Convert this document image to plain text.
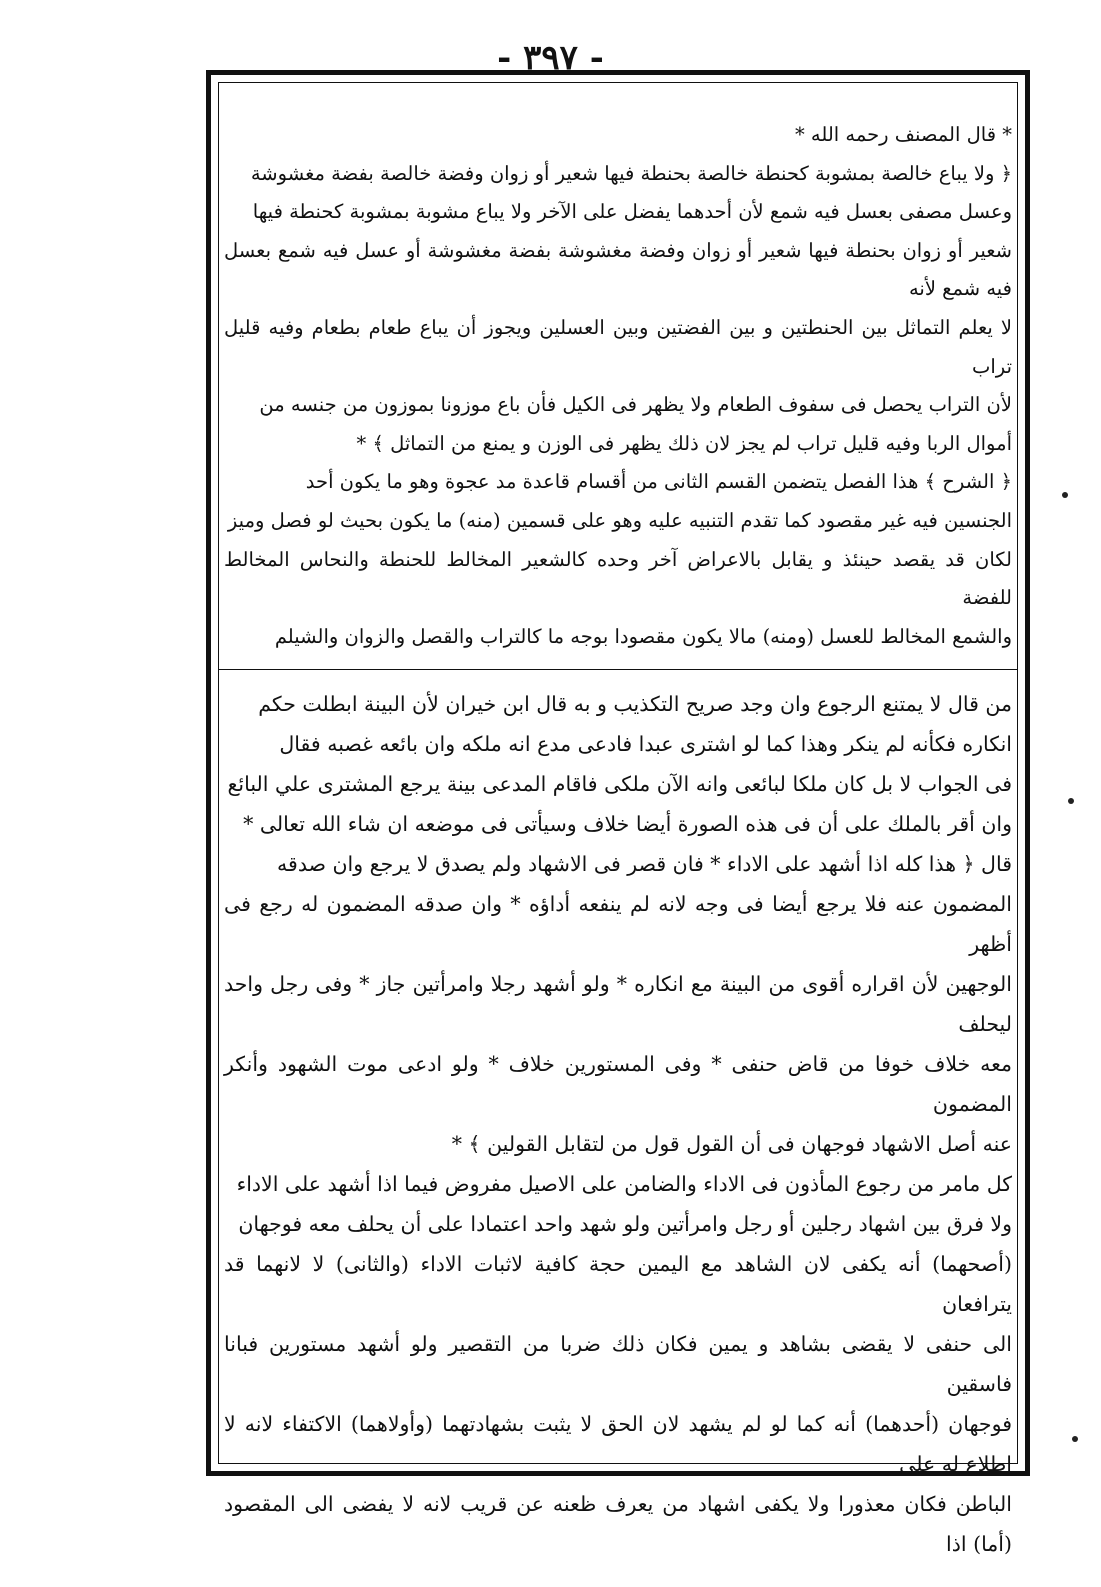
- ٣٩٧ -

* قال المصنف رحمه الله *

﴿ ولا يباع خالصة بمشوبة كحنطة خالصة بحنطة فيها شعير أو زوان وفضة خالصة بفضة مغشوشة

وعسل مصفى بعسل فيه شمع لأن أحدهما يفضل على الآخر ولا يباع مشوبة بمشوبة كحنطة فيها

شعير أو زوان بحنطة فيها شعير أو زوان وفضة مغشوشة بفضة مغشوشة أو عسل فيه شمع بعسل فيه شمع لأنه

لا يعلم التماثل بين الحنطتين و بين الفضتين وبين العسلين ويجوز أن يباع طعام بطعام وفيه قليل تراب

لأن التراب يحصل فى سفوف الطعام ولا يظهر فى الكيل فأن باع موزونا بموزون من جنسه من

أموال الربا وفيه قليل تراب لم يجز لان ذلك يظهر فى الوزن و يمنع من التماثل ﴾ *

﴿ الشرح ﴾ هذا الفصل يتضمن القسم الثانى من أقسام قاعدة مد عجوة وهو ما يكون أحد

الجنسين فيه غير مقصود كما تقدم التنبيه عليه وهو على قسمين (منه) ما يكون بحيث لو فصل وميز

لكان قد يقصد حينئذ و يقابل بالاعراض آخر وحده كالشعير المخالط للحنطة والنحاس المخالط للفضة

والشمع المخالط للعسل (ومنه) مالا يكون مقصودا بوجه ما كالتراب والقصل والزوان والشيلم

من قال لا يمتنع الرجوع وان وجد صريح التكذيب و به قال ابن خيران لأن البينة ابطلت حكم

انكاره فكأنه لم ينكر وهذا كما لو اشترى عبدا فادعى مدع انه ملكه وان بائعه غصبه فقال

فى الجواب لا بل كان ملكا لبائعى وانه الآن ملكى فاقام المدعى بينة يرجع المشترى علي البائع

وان أقر بالملك على أن فى هذه الصورة أيضا خلاف وسيأتى فى موضعه ان شاء الله تعالى *

قال ﴿ هذا كله اذا أشهد على الاداء * فان قصر فى الاشهاد ولم يصدق لا يرجع وان صدقه

المضمون عنه فلا يرجع أيضا فى وجه لانه لم ينفعه أداؤه * وان صدقه المضمون له رجع فى أظهر

الوجهين لأن اقراره أقوى من البينة مع انكاره * ولو أشهد رجلا وامرأتين جاز * وفى رجل واحد ليحلف

معه خلاف خوفا من قاض حنفى * وفى المستورين خلاف * ولو ادعى موت الشهود وأنكر المضمون

عنه أصل الاشهاد فوجهان فى أن القول قول من لتقابل القولين ﴾ *

كل مامر من رجوع المأذون فى الاداء والضامن على الاصيل مفروض فيما اذا أشهد على الاداء

ولا فرق بين اشهاد رجلين أو رجل وامرأتين ولو شهد واحد اعتمادا على أن يحلف معه فوجهان

(أصحهما) أنه يكفى لان الشاهد مع اليمين حجة كافية لاثبات الاداء (والثانى) لا لانهما قد يترافعان

الى حنفى لا يقضى بشاهد و يمين فكان ذلك ضربا من التقصير ولو أشهد مستورين فبانا فاسقين

فوجهان (أحدهما) أنه كما لو لم يشهد لان الحق لا يثبت بشهادتهما (وأولاهما) الاكتفاء لانه لا اطلاع له على

الباطن فكان معذورا ولا يكفى اشهاد من يعرف ظعنه عن قريب لانه لا يفضى الى المقصود (أما) اذا
